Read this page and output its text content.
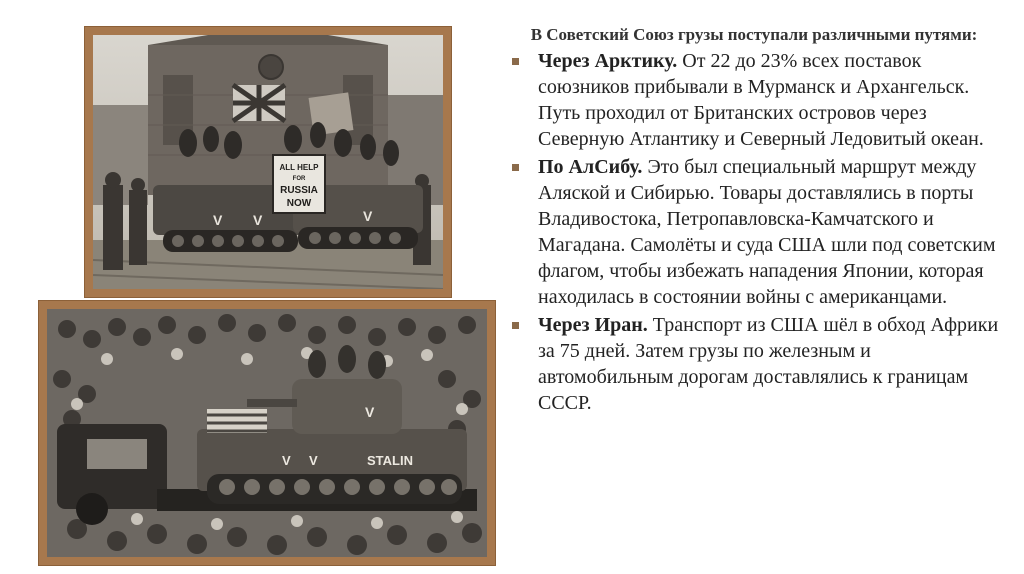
V V	V
ALL HELP
FOR
RUSSIA
NOW
V
V V	STALIN

В Советский Союз грузы поступали различными путями:

Через Арктику. От 22 до 23% всех поставок союзников прибывали в Мурманск и Архангельск. Путь проходил от Британских островов через Северную Атлантику и Северный Ледовитый океан.
По АлСибу. Это был специальный маршрут между Аляской и Сибирью. Товары доставлялись в порты Владивостока, Петропавловска-Камчатского и Магадана. Самолёты и суда США шли под советским флагом, чтобы избежать нападения Японии, которая находилась в состоянии войны с американцами.
Через Иран. Транспорт из США шёл в обход Африки за 75 дней. Затем грузы по железным и автомобильным дорогам доставлялись к границам СССР.
